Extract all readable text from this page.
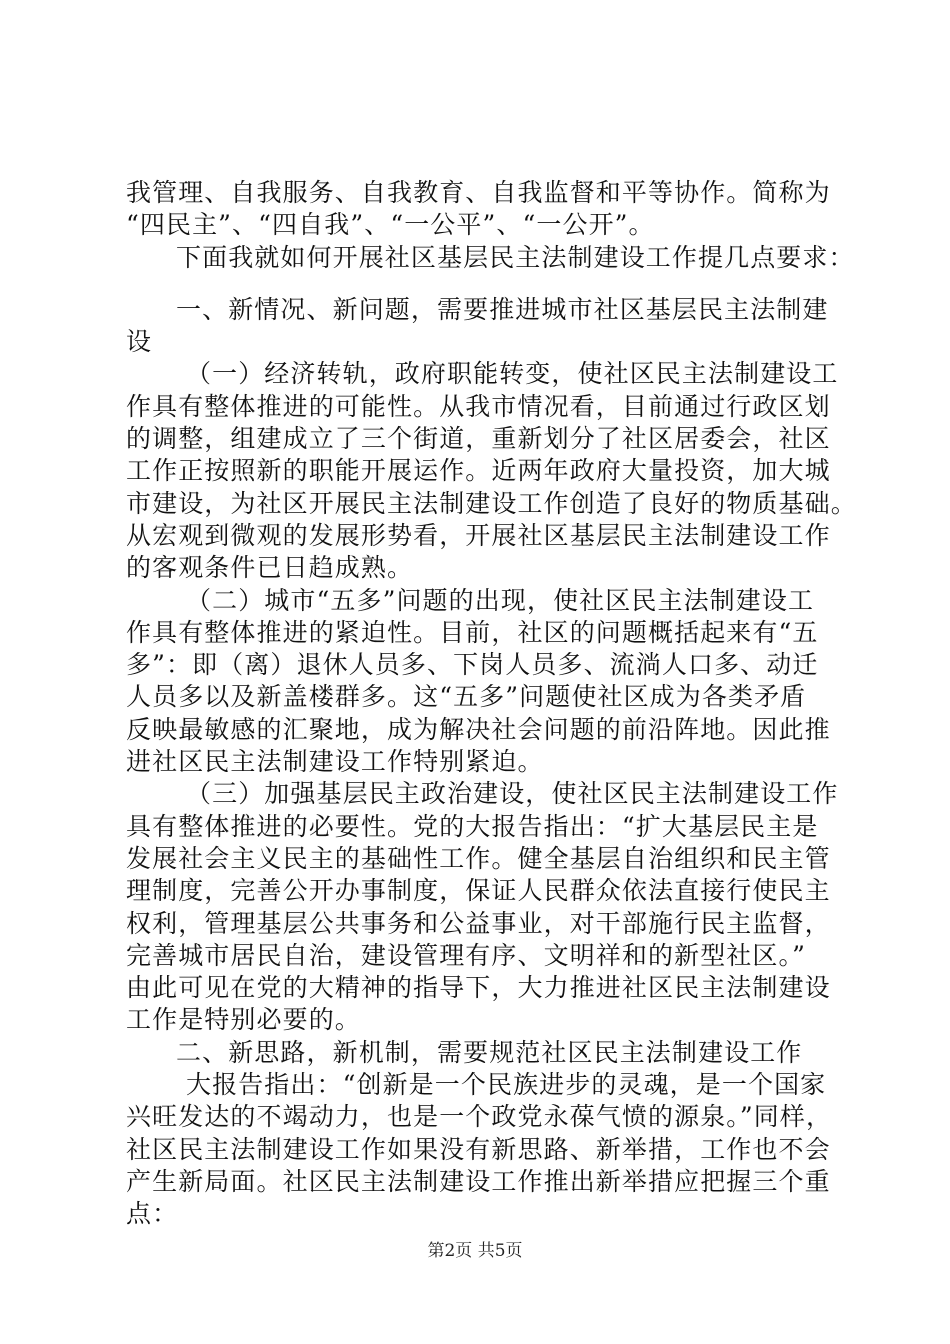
我管理、自我服务、自我教育、自我监督和平等协作。简称为
“四民主”、“四自我”、“一公平”、“一公开”。
下面我就如何开展社区基层民主法制建设工作提几点要求：
一、新情况、新问题，需要推进城市社区基层民主法制建
设
（一）经济转轨，政府职能转变，使社区民主法制建设工
作具有整体推进的可能性。从我市情况看，目前通过行政区划
的调整，组建成立了三个街道，重新划分了社区居委会，社区
工作正按照新的职能开展运作。近两年政府大量投资，加大城
市建设，为社区开展民主法制建设工作创造了良好的物质基础。
从宏观到微观的发展形势看，开展社区基层民主法制建设工作
的客观条件已日趋成熟。
（二）城市“五多”问题的出现，使社区民主法制建设工
作具有整体推进的紧迫性。目前，社区的问题概括起来有“五
多”：即（离）退休人员多、下岗人员多、流淌人口多、动迁
人员多以及新盖楼群多。这“五多”问题使社区成为各类矛盾
反映最敏感的汇聚地，成为解决社会问题的前沿阵地。因此推
进社区民主法制建设工作特别紧迫。
（三）加强基层民主政治建设，使社区民主法制建设工作
具有整体推进的必要性。党的大报告指出：“扩大基层民主是
发展社会主义民主的基础性工作。健全基层自治组织和民主管
理制度，完善公开办事制度，保证人民群众依法直接行使民主
权利，管理基层公共事务和公益事业，对干部施行民主监督，
完善城市居民自治，建设管理有序、文明祥和的新型社区。”
由此可见在党的大精神的指导下，大力推进社区民主法制建设
工作是特别必要的。
二、新思路，新机制，需要规范社区民主法制建设工作
大报告指出：“创新是一个民族进步的灵魂，是一个国家
兴旺发达的不竭动力，也是一个政党永葆气愤的源泉。”同样，
社区民主法制建设工作如果没有新思路、新举措，工作也不会
产生新局面。社区民主法制建设工作推出新举措应把握三个重
点：
第2页 共5页
